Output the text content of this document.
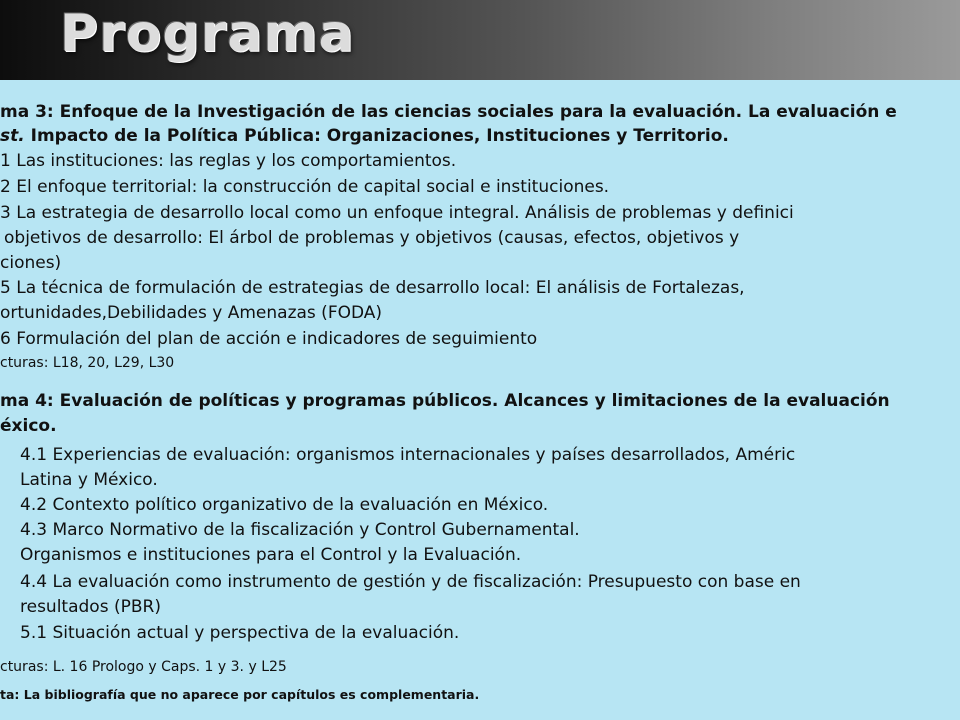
Programa
ma 3: Enfoque de la Investigación de las ciencias sociales para la evaluación. La evaluación e
st. Impacto de la Política Pública: Organizaciones, Instituciones y Territorio.
1 Las instituciones: las reglas y los comportamientos.
2 El enfoque territorial: la construcción de capital social e instituciones.
3 La estrategia de desarrollo local como un enfoque integral. Análisis de problemas y definici
objetivos de desarrollo: El árbol de problemas y objetivos (causas, efectos, objetivos y
ciones)
5 La técnica de formulación de estrategias de desarrollo local: El análisis de Fortalezas,
ortunidades,Debilidades y Amenazas (FODA)
6 Formulación del plan de acción e indicadores de seguimiento
cturas: L18, 20, L29, L30
ma 4: Evaluación de políticas y programas públicos. Alcances y limitaciones de la evaluación
éxico.
4.1 Experiencias de evaluación: organismos internacionales y países desarrollados, Améric
Latina y México.
4.2 Contexto político organizativo de la evaluación en México.
4.3 Marco Normativo de la fiscalización y Control Gubernamental.
Organismos e instituciones para el Control y la Evaluación.
4.4 La evaluación como instrumento de gestión y de fiscalización: Presupuesto con base en
resultados (PBR)
5.1 Situación actual y perspectiva de la evaluación.
cturas: L. 16 Prologo y Caps. 1 y 3. y L25
ta: La bibliografía que no aparece por capítulos es complementaria.
